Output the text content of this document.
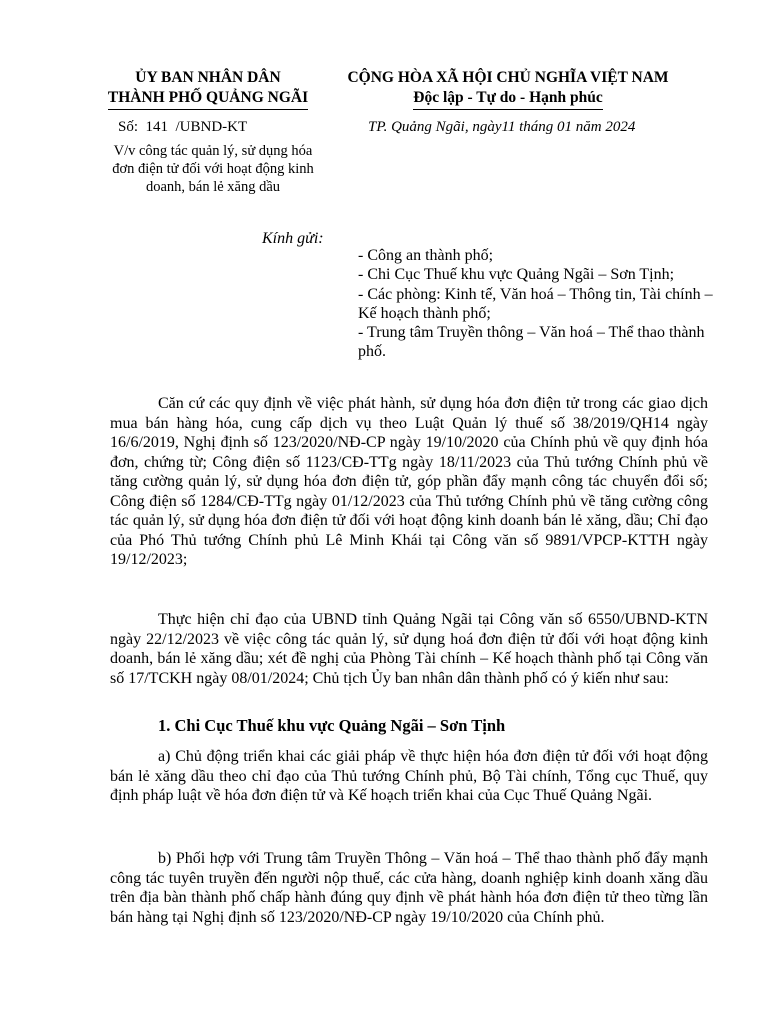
ỦY BAN NHÂN DÂN
THÀNH PHỐ QUẢNG NGÃI
CỘNG HÒA XÃ HỘI CHỦ NGHĨA VIỆT NAM
Độc lập - Tự do - Hạnh phúc
Số: 141 /UBND-KT	TP. Quảng Ngãi, ngày11 tháng 01 năm 2024
V/v công tác quản lý, sử dụng hóa đơn điện tử đối với hoạt động kinh doanh, bán lẻ xăng dầu
Kính gửi:
- Công an thành phố;
- Chi Cục Thuế khu vực Quảng Ngãi – Sơn Tịnh;
- Các phòng: Kinh tế, Văn hoá – Thông tin, Tài chính – Kế hoạch thành phố;
- Trung tâm Truyền thông – Văn hoá – Thể thao thành phố.

Căn cứ các quy định về việc phát hành, sử dụng hóa đơn điện tử trong các giao dịch mua bán hàng hóa, cung cấp dịch vụ theo Luật Quản lý thuế số 38/2019/QH14 ngày 16/6/2019, Nghị định số 123/2020/NĐ-CP ngày 19/10/2020 của Chính phủ về quy định hóa đơn, chứng từ; Công điện số 1123/CĐ-TTg ngày 18/11/2023 của Thủ tướng Chính phủ về tăng cường quản lý, sử dụng hóa đơn điện tử, góp phần đẩy mạnh công tác chuyển đổi số; Công điện số 1284/CĐ-TTg ngày 01/12/2023 của Thủ tướng Chính phủ về tăng cường công tác quản lý, sử dụng hóa đơn điện tử đối với hoạt động kinh doanh bán lẻ xăng, dầu; Chỉ đạo của Phó Thủ tướng Chính phủ Lê Minh Khái tại Công văn số 9891/VPCP-KTTH ngày 19/12/2023;

Thực hiện chỉ đạo của UBND tỉnh Quảng Ngãi tại Công văn số 6550/UBND-KTN ngày 22/12/2023 về việc công tác quản lý, sử dụng hoá đơn điện tử đối với hoạt động kinh doanh, bán lẻ xăng dầu; xét đề nghị của Phòng Tài chính – Kế hoạch thành phố tại Công văn số 17/TCKH ngày 08/01/2024; Chủ tịch Ủy ban nhân dân thành phố có ý kiến như sau:

1. Chi Cục Thuế khu vực Quảng Ngãi – Sơn Tịnh

a) Chủ động triển khai các giải pháp về thực hiện hóa đơn điện tử đối với hoạt động bán lẻ xăng dầu theo chỉ đạo của Thủ tướng Chính phủ, Bộ Tài chính, Tổng cục Thuế, quy định pháp luật về hóa đơn điện tử và Kế hoạch triển khai của Cục Thuế Quảng Ngãi.

b) Phối hợp với Trung tâm Truyền Thông – Văn hoá – Thể thao thành phố đẩy mạnh công tác tuyên truyền đến người nộp thuế, các cửa hàng, doanh nghiệp kinh doanh xăng dầu trên địa bàn thành phố chấp hành đúng quy định về phát hành hóa đơn điện tử theo từng lần bán hàng tại Nghị định số 123/2020/NĐ-CP ngày 19/10/2020 của Chính phủ.
